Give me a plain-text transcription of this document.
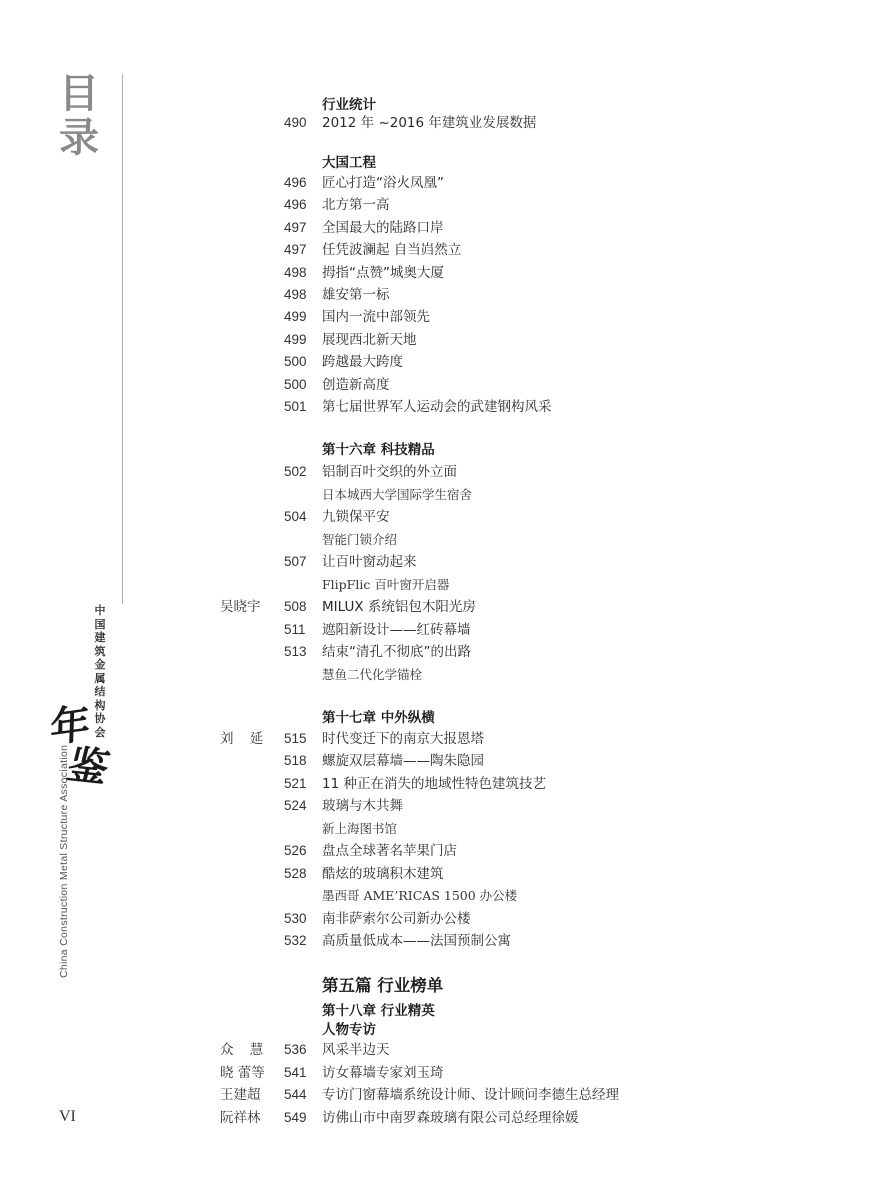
目
录
中国建筑金属结构协会
年
鉴
China Construction Metal Structure Association
VI
行业统计
490 2012 年 ~2016 年建筑业发展数据
大国工程
496 匠心打造“浴火凤凰”
496 北方第一高
497 全国最大的陆路口岸
497 任凭波澜起 自当岿然立
498 拇指“点赞”城奥大厦
498 雄安第一标
499 国内一流中部领先
499 展现西北新天地
500 跨越最大跨度
500 创造新高度
501 第七届世界军人运动会的武建钢构风采
第十六章 科技精品
502 铝制百叶交织的外立面
日本城西大学国际学生宿舍
504 九锁保平安
智能门锁介绍
507 让百叶窗动起来
FlipFlic 百叶窗开启器
吴晓宇 508 MILUX 系统铝包木阳光房
511 遮阳新设计——红砖幕墙
513 结束“清孔不彻底”的出路
慧鱼二代化学锚栓
第十七章 中外纵横
刘 延 515 时代变迁下的南京大报恩塔
518 螺旋双层幕墙——陶朱隐园
521 11 种正在消失的地域性特色建筑技艺
524 玻璃与木共舞
新上海图书馆
526 盘点全球著名苹果门店
528 酷炫的玻璃积木建筑
墨西哥 AME’RICAS 1500 办公楼
530 南非萨索尔公司新办公楼
532 高质量低成本——法国预制公寓
第五篇 行业榜单
第十八章 行业精英
人物专访
众 慧 536 风采半边天
晓 蕾等 541 访女幕墙专家刘玉琦
王建超 544 专访门窗幕墙系统设计师、设计顾问李德生总经理
阮祥林 549 访佛山市中南罗森玻璃有限公司总经理徐媛
